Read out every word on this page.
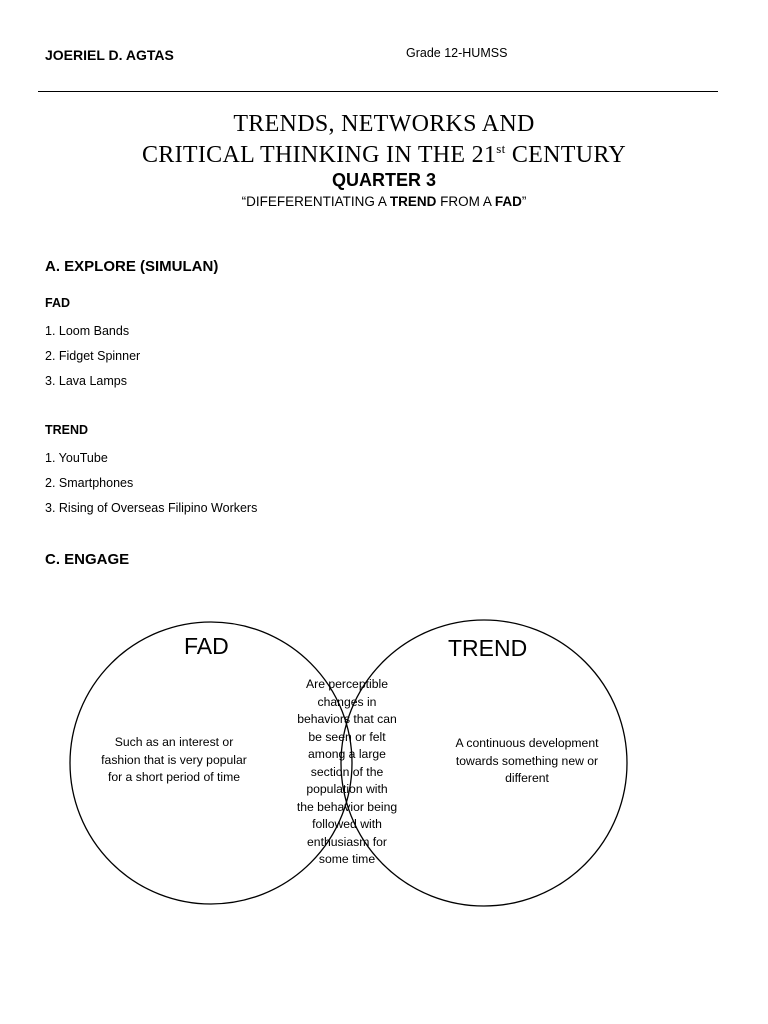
JOERIEL D. AGTAS	Grade 12-HUMSS
TRENDS, NETWORKS AND
CRITICAL THINKING IN THE 21st CENTURY
QUARTER 3
“DIFEFERENTIATING A TREND FROM A FAD”
A. EXPLORE (SIMULAN)
FAD
1. Loom Bands
2. Fidget Spinner
3. Lava Lamps
TREND
1. YouTube
2. Smartphones
3. Rising of Overseas Filipino Workers
C. ENGAGE
FAD	TREND
Such as an interest or
fashion that is very popular
for a short period of time
A continuous development
towards something new or
different
Are perceptible
changes in
behaviors that can
be seen or felt
among a large
section of the
population with
the behavior being
followed with
enthusiasm for
some time
